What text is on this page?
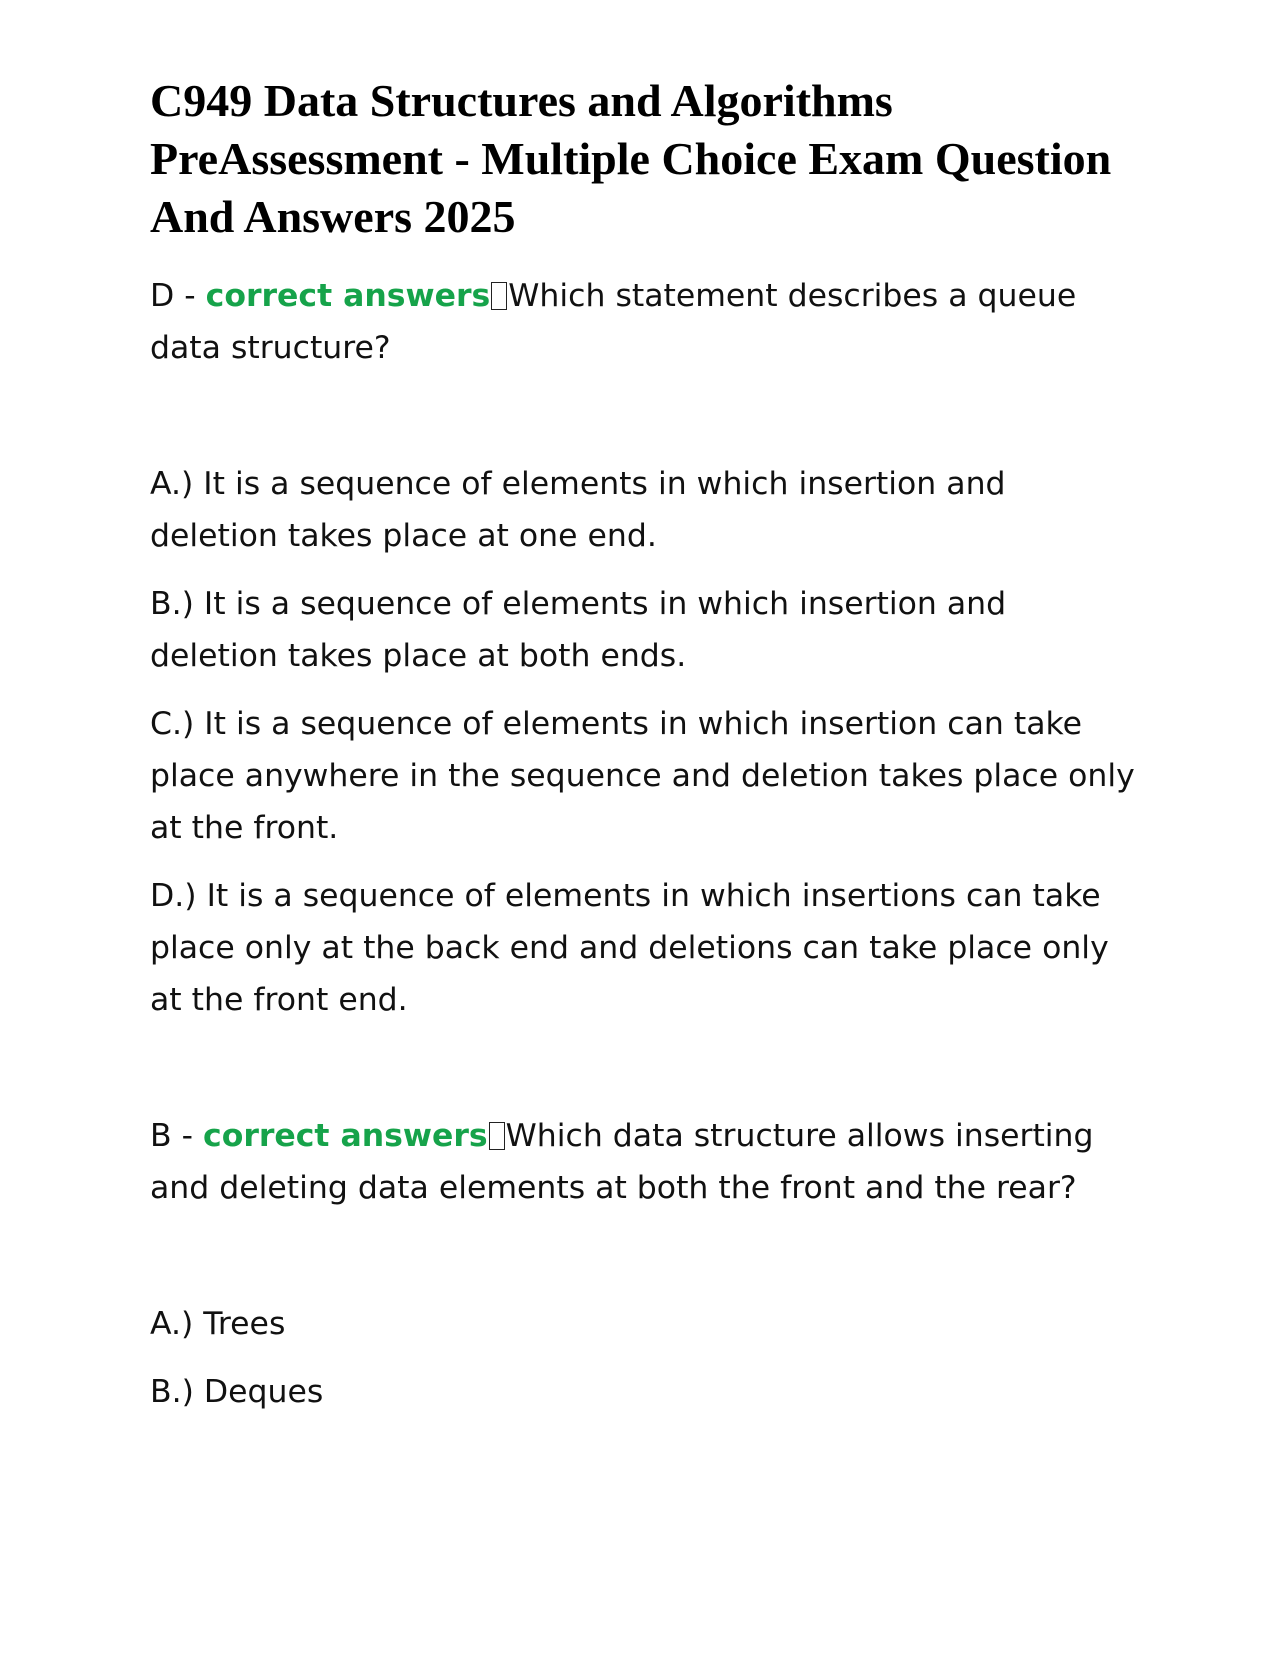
C949 Data Structures and Algorithms PreAssessment - Multiple Choice Exam Question And Answers 2025

D - correct answers Which statement describes a queue data structure?

A.) It is a sequence of elements in which insertion and deletion takes place at one end.

B.) It is a sequence of elements in which insertion and deletion takes place at both ends.

C.) It is a sequence of elements in which insertion can take place anywhere in the sequence and deletion takes place only at the front.

D.) It is a sequence of elements in which insertions can take place only at the back end and deletions can take place only at the front end.

B - correct answers Which data structure allows inserting and deleting data elements at both the front and the rear?

A.) Trees

B.) Deques
